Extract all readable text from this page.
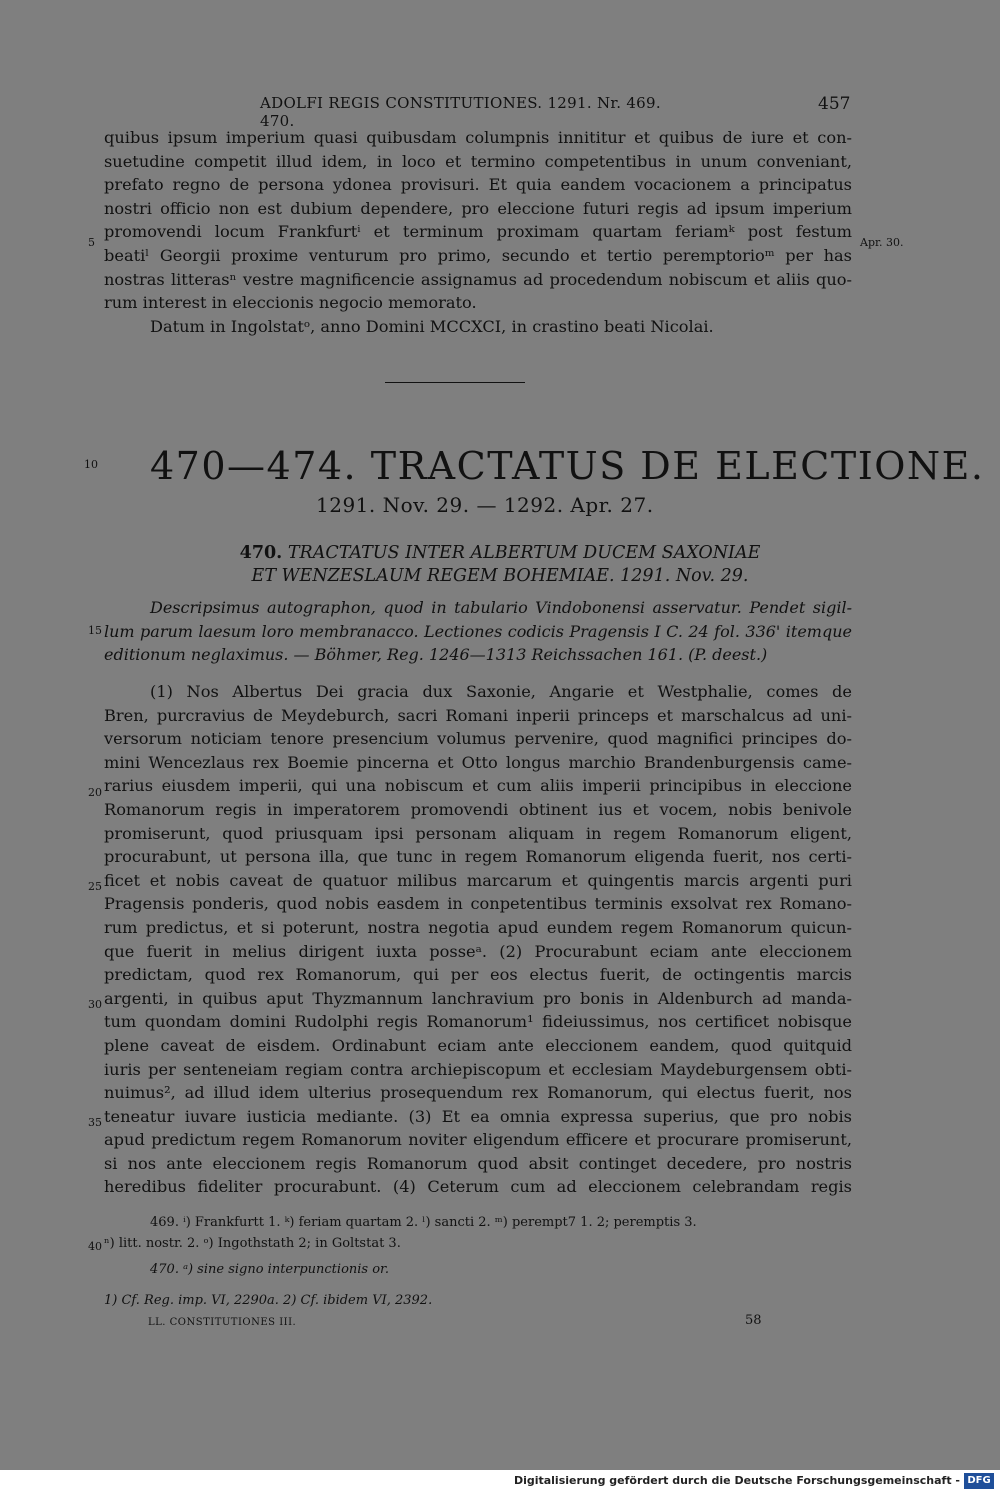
ADOLFI REGIS CONSTITUTIONES. 1291. Nr. 469. 470.
457
quibus ipsum imperium quasi quibusdam columpnis innititur et quibus de iure et con-
suetudine competit illud idem, in loco et termino competentibus in unum conveniant,
prefato regno de persona ydonea provisuri. Et quia eandem vocacionem a principatus
nostri officio non est dubium dependere, pro eleccione futuri regis ad ipsum imperium
promovendi locum Frankfurtⁱ et terminum proximam quartam feriamᵏ post festum
beatiˡ Georgii proxime venturum pro primo, secundo et tertio peremptorioᵐ per has
nostras litterasⁿ vestre magnificencie assignamus ad procedendum nobiscum et aliis quo-
rum interest in eleccionis negocio memorato.
Datum in Ingolstatᵒ, anno Domini MCCXCI, in crastino beati Nicolai.
5	Apr. 30.
10 470—474. TRACTATUS DE ELECTIONE.
1291. Nov. 29. — 1292. Apr. 27.
470. TRACTATUS INTER ALBERTUM DUCEM SAXONIAE
ET WENZESLAUM REGEM BOHEMIAE. 1291. Nov. 29.
Descripsimus autographon, quod in tabulario Vindobonensi asservatur. Pendet sigil-
lum parum laesum loro membranacco. Lectiones codicis Pragensis I C. 24 fol. 336' itemque
editionum neglaximus. — Böhmer, Reg. 1246—1313 Reichssachen 161. (P. deest.)
15
(1) Nos Albertus Dei gracia dux Saxonie, Angarie et Westphalie, comes de
Bren, purcravius de Meydeburch, sacri Romani inperii princeps et marschalcus ad uni-
versorum noticiam tenore presencium volumus pervenire, quod magnifici principes do-
mini Wencezlaus rex Boemie pincerna et Otto longus marchio Brandenburgensis came-
rarius eiusdem imperii, qui una nobiscum et cum aliis imperii principibus in eleccione
Romanorum regis in imperatorem promovendi obtinent ius et vocem, nobis benivole
promiserunt, quod priusquam ipsi personam aliquam in regem Romanorum eligent,
procurabunt, ut persona illa, que tunc in regem Romanorum eligenda fuerit, nos certi-
ficet et nobis caveat de quatuor milibus marcarum et quingentis marcis argenti puri
Pragensis ponderis, quod nobis easdem in conpetentibus terminis exsolvat rex Romano-
rum predictus, et si poterunt, nostra negotia apud eundem regem Romanorum quicun-
que fuerit in melius dirigent iuxta posseᵃ. (2) Procurabunt eciam ante eleccionem
predictam, quod rex Romanorum, qui per eos electus fuerit, de octingentis marcis
argenti, in quibus aput Thyzmannum lanchravium pro bonis in Aldenburch ad manda-
tum quondam domini Rudolphi regis Romanorum¹ fideiussimus, nos certificet nobisque
plene caveat de eisdem. Ordinabunt eciam ante eleccionem eandem, quod quitquid
iuris per senteneiam regiam contra archiepiscopum et ecclesiam Maydeburgensem obti-
nuimus², ad illud idem ulterius prosequendum rex Romanorum, qui electus fuerit, nos
teneatur iuvare iusticia mediante. (3) Et ea omnia expressa superius, que pro nobis
apud predictum regem Romanorum noviter eligendum efficere et procurare promiserunt,
si nos ante eleccionem regis Romanorum quod absit continget decedere, pro nostris
heredibus fideliter procurabunt. (4) Ceterum cum ad eleccionem celebrandam regis
20
25
30
35
469. ⁱ) Frankfurtt 1. ᵏ) feriam quartam 2. ˡ) sancti 2. ᵐ) perempt7 1. 2; peremptis 3.
ⁿ) litt. nostr. 2. ᵒ) Ingothstath 2; in Goltstat 3.
40
470. ᵃ) sine signo interpunctionis or.
1) Cf. Reg. imp. VI, 2290a. 2) Cf. ibidem VI, 2392.
LL. CONSTITUTIONES III.	58
Digitalisierung gefördert durch die Deutsche Forschungsgemeinschaft - DFG
